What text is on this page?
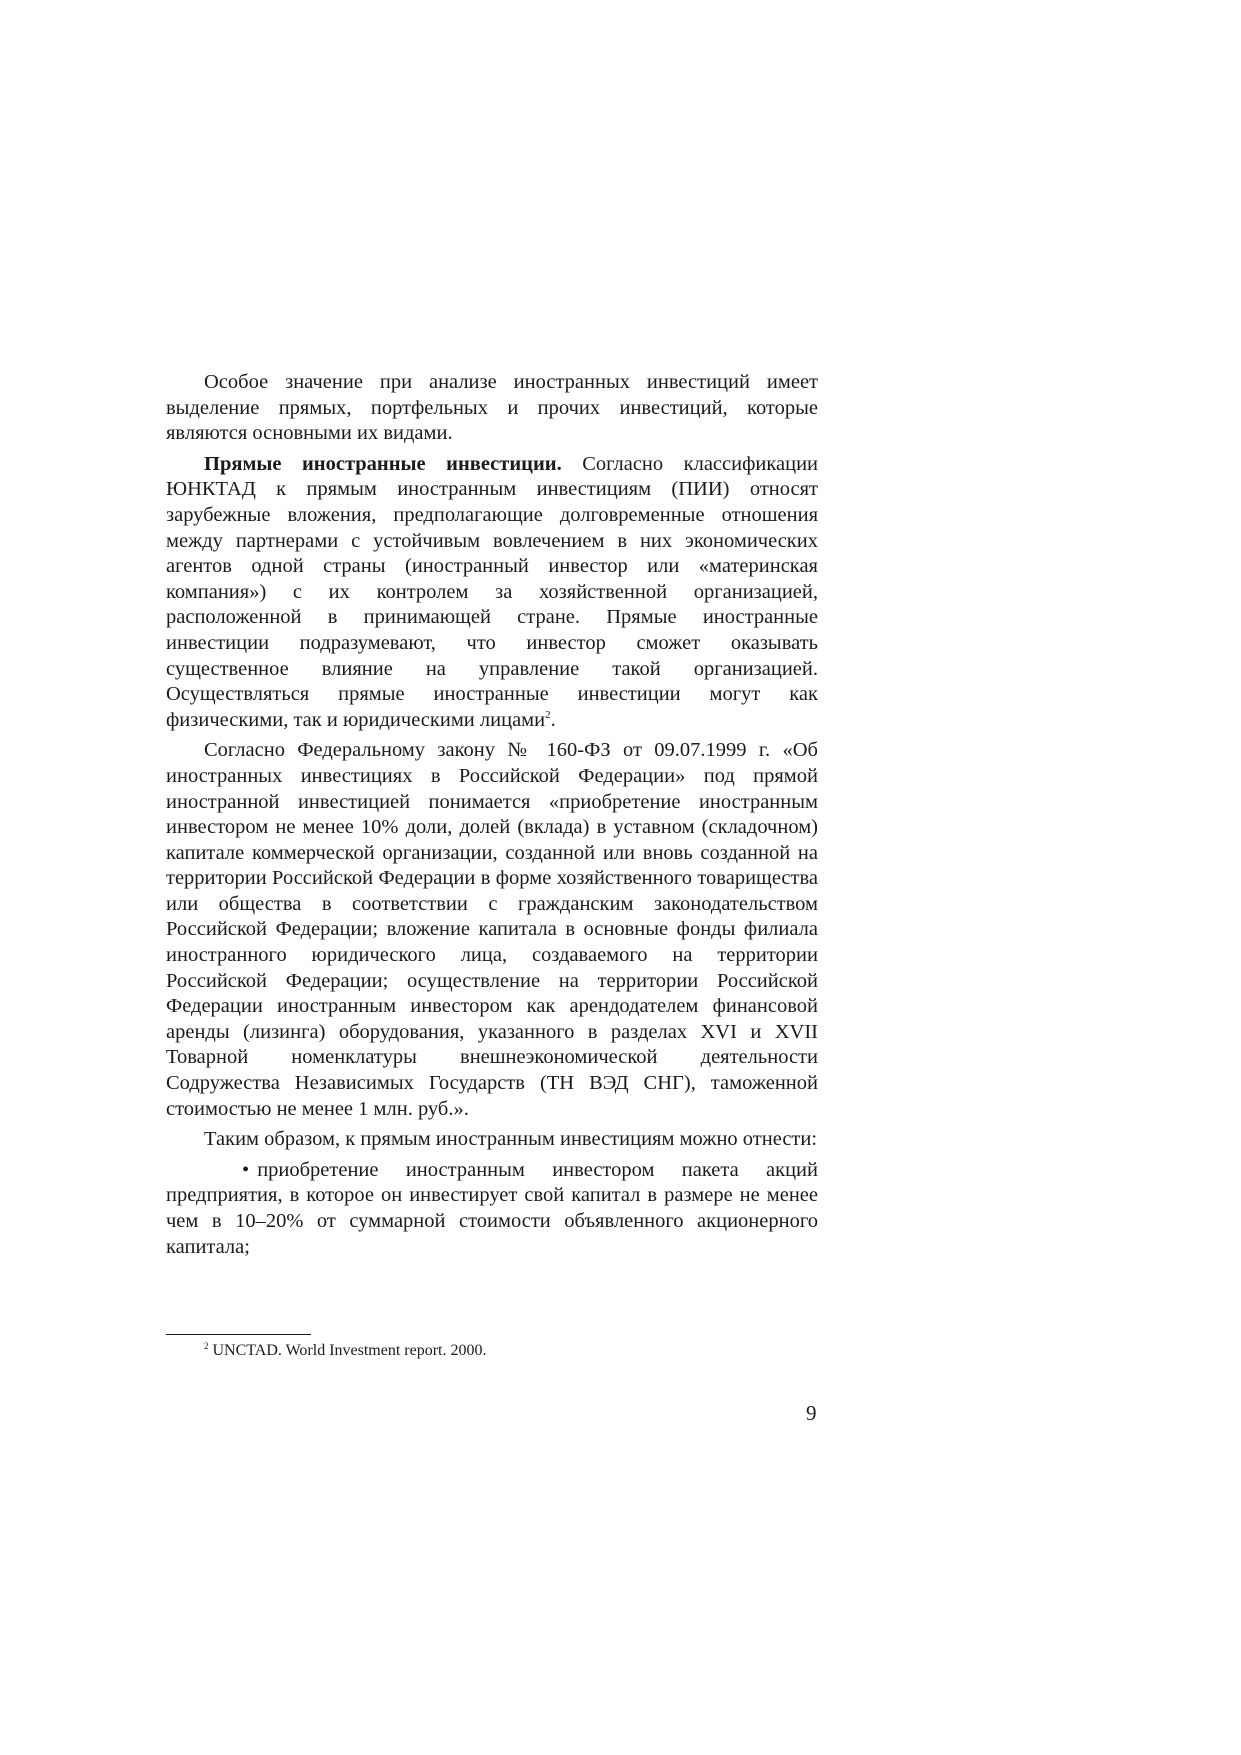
Особое значение при анализе иностранных инвестиций имеет выделение прямых, портфельных и прочих инвестиций, которые являются основными их видами.

Прямые иностранные инвестиции. Согласно классификации ЮНКТАД к прямым иностранным инвестициям (ПИИ) относят зарубежные вложения, предполагающие долговременные отношения между партнерами с устойчивым вовлечением в них экономических агентов одной страны (иностранный инвестор или «материнская компания») с их контролем за хозяйственной организацией, расположенной в принимающей стране. Прямые иностранные инвестиции подразумевают, что инвестор сможет оказывать существенное влияние на управление такой организацией. Осуществляться прямые иностранные инвестиции могут как физическими, так и юридическими лицами$^2$.

Согласно Федеральному закону № 160-ФЗ от 09.07.1999 г. «Об иностранных инвестициях в Российской Федерации» под прямой иностранной инвестицией понимается «приобретение иностранным инвестором не менее 10% доли, долей (вклада) в уставном (складочном) капитале коммерческой организации, созданной или вновь созданной на территории Российской Федерации в форме хозяйственного товарищества или общества в соответствии с гражданским законодательством Российской Федерации; вложение капитала в основные фонды филиала иностранного юридического лица, создаваемого на территории Российской Федерации; осуществление на территории Российской Федерации иностранным инвестором как арендодателем финансовой аренды (лизинга) оборудования, указанного в разделах XVI и XVII Товарной номенклатуры внешнеэкономической деятельности Содружества Независимых Государств (ТН ВЭД СНГ), таможенной стоимостью не менее 1 млн. руб.».

Таким образом, к прямым иностранным инвестициям можно отнести:

• приобретение иностранным инвестором пакета акций предприятия, в которое он инвестирует свой капитал в размере не менее чем в 10–20% от суммарной стоимости объявленного акционерного капитала;

$^2$ UNCTAD. World Investment report. 2000.
9
